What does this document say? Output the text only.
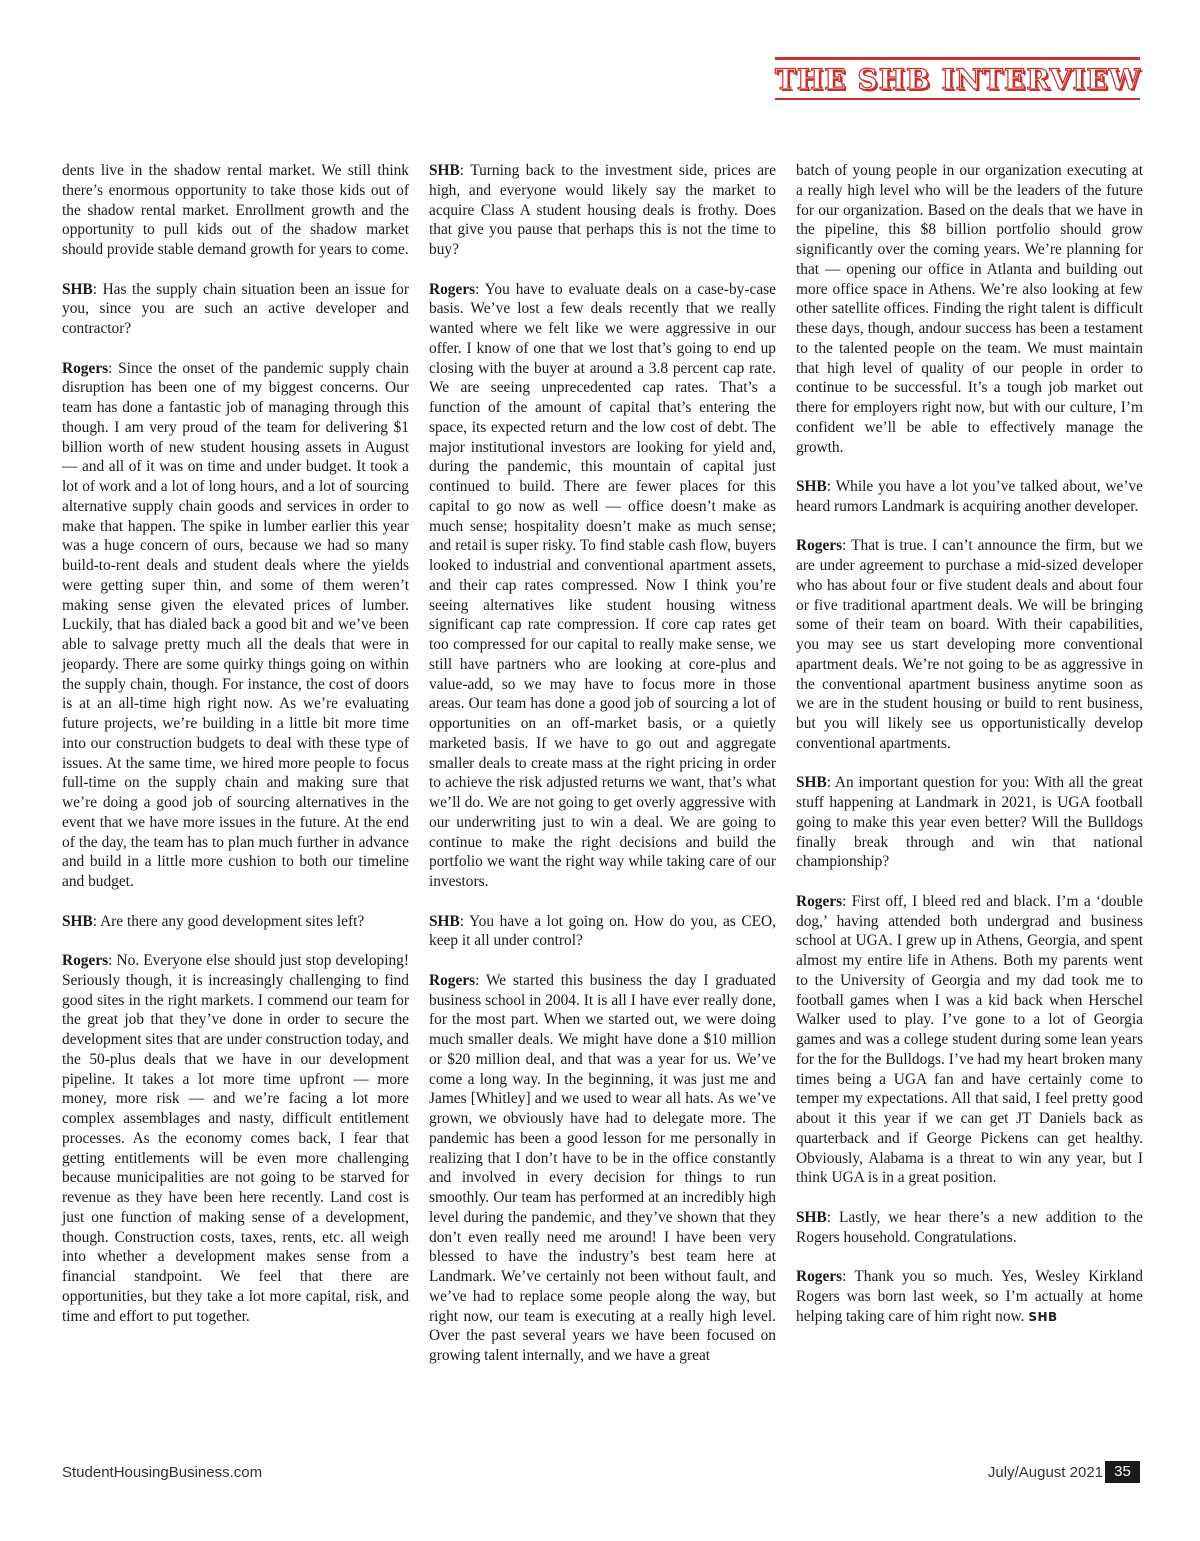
THE SHB INTERVIEW

dents live in the shadow rental market. We still think there’s enormous opportunity to take those kids out of the shadow rental market. Enrollment growth and the opportunity to pull kids out of the shadow market should provide stable demand growth for years to come.

SHB: Has the supply chain situation been an issue for you, since you are such an active developer and contractor?

Rogers: Since the onset of the pandemic supply chain disruption has been one of my biggest concerns. Our team has done a fantastic job of managing through this though. I am very proud of the team for delivering $1 billion worth of new student housing assets in August — and all of it was on time and under budget. It took a lot of work and a lot of long hours, and a lot of sourcing alternative supply chain goods and services in order to make that happen. The spike in lumber earlier this year was a huge concern of ours, because we had so many build-to-rent deals and student deals where the yields were getting super thin, and some of them weren’t making sense given the elevated prices of lumber. Luckily, that has dialed back a good bit and we’ve been able to salvage pretty much all the deals that were in jeopardy. There are some quirky things going on within the supply chain, though. For instance, the cost of doors is at an all-time high right now. As we’re evaluating future projects, we’re building in a little bit more time into our construction budgets to deal with these type of issues. At the same time, we hired more people to focus full-time on the supply chain and making sure that we’re doing a good job of sourcing alternatives in the event that we have more issues in the future. At the end of the day, the team has to plan much further in advance and build in a little more cushion to both our timeline and budget.

SHB: Are there any good development sites left?

Rogers: No. Everyone else should just stop developing! Seriously though, it is increasingly challenging to find good sites in the right markets. I commend our team for the great job that they’ve done in order to secure the development sites that are under construction today, and the 50-plus deals that we have in our development pipeline. It takes a lot more time upfront — more money, more risk — and we’re facing a lot more complex assemblages and nasty, difficult entitlement processes. As the economy comes back, I fear that getting entitlements will be even more challenging because municipalities are not going to be starved for revenue as they have been here recently. Land cost is just one function of making sense of a development, though. Construction costs, taxes, rents, etc. all weigh into whether a development makes sense from a financial standpoint. We feel that there are opportunities, but they take a lot more capital, risk, and time and effort to put together.

SHB: Turning back to the investment side, prices are high, and everyone would likely say the market to acquire Class A student housing deals is frothy. Does that give you pause that perhaps this is not the time to buy?

Rogers: You have to evaluate deals on a case-by-case basis. We’ve lost a few deals recently that we really wanted where we felt like we were aggressive in our offer. I know of one that we lost that’s going to end up closing with the buyer at around a 3.8 percent cap rate. We are seeing unprecedented cap rates. That’s a function of the amount of capital that’s entering the space, its expected return and the low cost of debt. The major institutional investors are looking for yield and, during the pandemic, this mountain of capital just continued to build. There are fewer places for this capital to go now as well — office doesn’t make as much sense; hospitality doesn’t make as much sense; and retail is super risky. To find stable cash flow, buyers looked to industrial and conventional apartment assets, and their cap rates compressed. Now I think you’re seeing alternatives like student housing witness significant cap rate compression. If core cap rates get too compressed for our capital to really make sense, we still have partners who are looking at core-plus and value-add, so we may have to focus more in those areas. Our team has done a good job of sourcing a lot of opportunities on an off-market basis, or a quietly marketed basis. If we have to go out and aggregate smaller deals to create mass at the right pricing in order to achieve the risk adjusted returns we want, that’s what we’ll do. We are not going to get overly aggressive with our underwriting just to win a deal. We are going to continue to make the right decisions and build the portfolio we want the right way while taking care of our investors.

SHB: You have a lot going on. How do you, as CEO, keep it all under control?

Rogers: We started this business the day I graduated business school in 2004. It is all I have ever really done, for the most part. When we started out, we were doing much smaller deals. We might have done a $10 million or $20 million deal, and that was a year for us. We’ve come a long way. In the beginning, it was just me and James [Whitley] and we used to wear all hats. As we’ve grown, we obviously have had to delegate more. The pandemic has been a good lesson for me personally in realizing that I don’t have to be in the office constantly and involved in every decision for things to run smoothly. Our team has performed at an incredibly high level during the pandemic, and they’ve shown that they don’t even really need me around! I have been very blessed to have the industry’s best team here at Landmark. We’ve certainly not been without fault, and we’ve had to replace some people along the way, but right now, our team is executing at a really high level. Over the past several years we have been focused on growing talent internally, and we have a great

batch of young people in our organization executing at a really high level who will be the leaders of the future for our organization. Based on the deals that we have in the pipeline, this $8 billion portfolio should grow significantly over the coming years. We’re planning for that — opening our office in Atlanta and building out more office space in Athens. We’re also looking at few other satellite offices. Finding the right talent is difficult these days, though, andour success has been a testament to the talented people on the team. We must maintain that high level of quality of our people in order to continue to be successful. It’s a tough job market out there for employers right now, but with our culture, I’m confident we’ll be able to effectively manage the growth.

SHB: While you have a lot you’ve talked about, we’ve heard rumors Landmark is acquiring another developer.

Rogers: That is true. I can’t announce the firm, but we are under agreement to purchase a mid-sized developer who has about four or five student deals and about four or five traditional apartment deals. We will be bringing some of their team on board. With their capabilities, you may see us start developing more conventional apartment deals. We’re not going to be as aggressive in the conventional apartment business anytime soon as we are in the student housing or build to rent business, but you will likely see us opportunistically develop conventional apartments.

SHB: An important question for you: With all the great stuff happening at Landmark in 2021, is UGA football going to make this year even better? Will the Bulldogs finally break through and win that national championship?

Rogers: First off, I bleed red and black. I’m a ‘double dog,’ having attended both undergrad and business school at UGA. I grew up in Athens, Georgia, and spent almost my entire life in Athens. Both my parents went to the University of Georgia and my dad took me to football games when I was a kid back when Herschel Walker used to play. I’ve gone to a lot of Georgia games and was a college student during some lean years for the for the Bulldogs. I’ve had my heart broken many times being a UGA fan and have certainly come to temper my expectations. All that said, I feel pretty good about it this year if we can get JT Daniels back as quarterback and if George Pickens can get healthy. Obviously, Alabama is a threat to win any year, but I think UGA is in a great position.

SHB: Lastly, we hear there’s a new addition to the Rogers household. Congratulations.

Rogers: Thank you so much. Yes, Wesley Kirkland Rogers was born last week, so I’m actually at home helping taking care of him right now. SHB

StudentHousingBusiness.com	July/August 2021 35
